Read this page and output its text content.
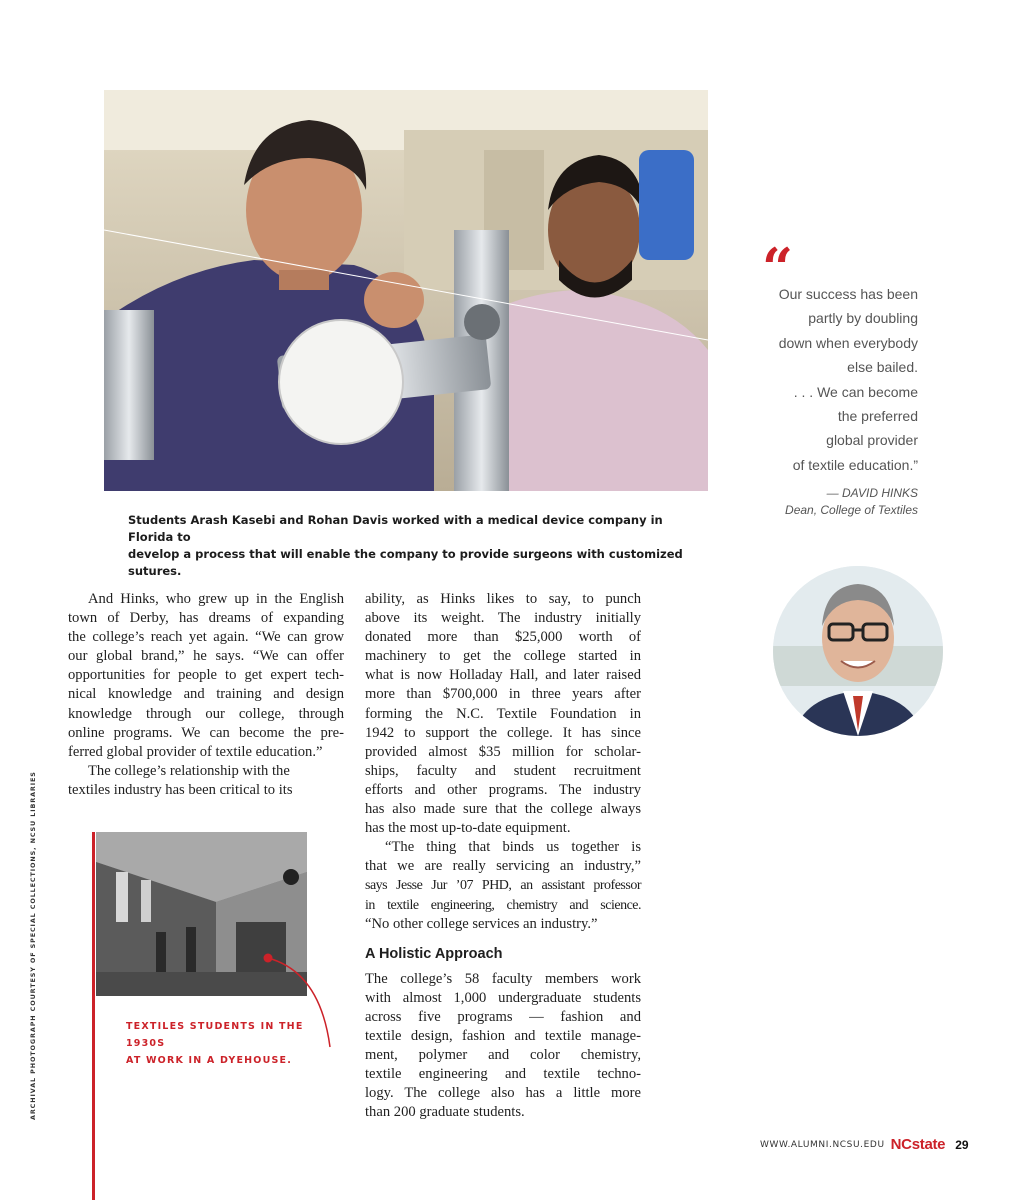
Students Arash Kasebi and Rohan Davis worked with a medical device company in Florida to
develop a process that will enable the company to provide surgeons with customized sutures.
“
Our success has been
partly by doubling
down when everybody
else bailed.
. . . We can become
the preferred
global provider
of textile education.”
— DAVID HINKS
Dean, College of Textiles

And Hinks, who grew up in the English
town of Derby, has dreams of expanding
the college’s reach yet again. “We can grow
our global brand,” he says. “We can offer
opportunities for people to get expert tech-
nical knowledge and training and design
knowledge through our college, through
online programs. We can become the pre-
ferred global provider of textile education.”

The college’s relationship with the
textiles industry has been critical to its

ability, as Hinks likes to say, to punch
above its weight. The industry initially
donated more than $25,000 worth of
machinery to get the college started in
what is now Holladay Hall, and later raised
more than $700,000 in three years after
forming the N.C. Textile Foundation in
1942 to support the college. It has since
provided almost $35 million for scholar-
ships, faculty and student recruitment
efforts and other programs. The industry
has also made sure that the college always
has the most up-to-date equipment.

“The thing that binds us together is
that we are really servicing an industry,”
says Jesse Jur ’07 PHD, an assistant professor
in textile engineering, chemistry and science.
“No other college services an industry.”

A Holistic Approach

The college’s 58 faculty members work
with almost 1,000 undergraduate students
across five programs — fashion and
textile design, fashion and textile manage-
ment, polymer and color chemistry,
textile engineering and textile techno-
logy. The college also has a little more
than 200 graduate students.

ARCHIVAL PHOTOGRAPH COURTESY OF SPECIAL COLLECTIONS, NCSU LIBRARIES	TEXTILES STUDENTS IN THE 1930S
AT WORK IN A DYEHOUSE.
WWW.ALUMNI.NCSU.EDU NCstate 29
